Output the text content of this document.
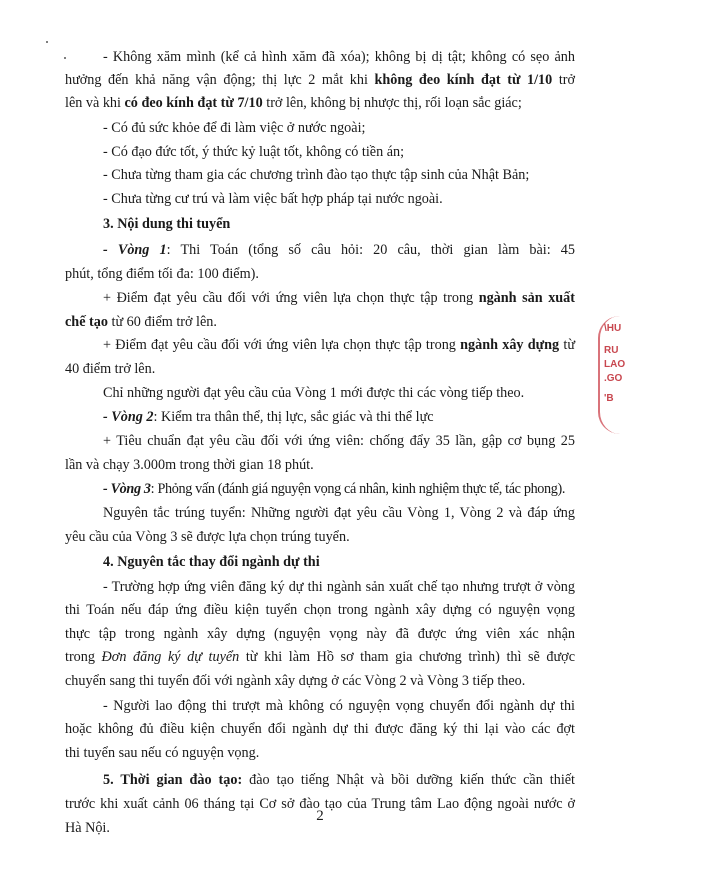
- Không xăm mình (kể cả hình xăm đã xóa); không bị dị tật; không có sẹo ảnh

hưởng đến khả năng vận động; thị lực 2 mắt khi không đeo kính đạt từ 1/10 trở

lên và khi có đeo kính đạt từ 7/10 trở lên, không bị nhược thị, rối loạn sắc giác;

- Có đủ sức khỏe để đi làm việc ở nước ngoài;

- Có đạo đức tốt, ý thức kỷ luật tốt, không có tiền án;

- Chưa từng tham gia các chương trình đào tạo thực tập sinh của Nhật Bản;

- Chưa từng cư trú và làm việc bất hợp pháp tại nước ngoài.

3. Nội dung thi tuyển

- Vòng 1: Thi Toán (tổng số câu hỏi: 20 câu, thời gian làm bài: 45

phút, tổng điểm tối đa: 100 điểm).

+ Điểm đạt yêu cầu đối với ứng viên lựa chọn thực tập trong ngành sản xuất

chế tạo từ 60 điểm trở lên.

+ Điểm đạt yêu cầu đối với ứng viên lựa chọn thực tập trong ngành xây dựng từ

40 điểm trở lên.

Chỉ những người đạt yêu cầu của Vòng 1 mới được thi các vòng tiếp theo.

- Vòng 2: Kiểm tra thân thể, thị lực, sắc giác và thi thể lực

+ Tiêu chuẩn đạt yêu cầu đối với ứng viên: chống đẩy 35 lần, gập cơ bụng 25

lần và chạy 3.000m trong thời gian 18 phút.

- Vòng 3: Phỏng vấn (đánh giá nguyện vọng cá nhân, kinh nghiệm thực tế, tác phong).

Nguyên tắc trúng tuyển: Những người đạt yêu cầu Vòng 1, Vòng 2 và đáp ứng

yêu cầu của Vòng 3 sẽ được lựa chọn trúng tuyển.

4. Nguyên tắc thay đổi ngành dự thi

- Trường hợp ứng viên đăng ký dự thi ngành sản xuất chế tạo nhưng trượt ở vòng

thi Toán nếu đáp ứng điều kiện tuyển chọn trong ngành xây dựng có nguyện vọng

thực tập trong ngành xây dựng (nguyện vọng này đã được ứng viên xác nhận

trong Đơn đăng ký dự tuyển từ khi làm Hồ sơ tham gia chương trình) thì sẽ được

chuyển sang thi tuyển đối với ngành xây dựng ở các Vòng 2 và Vòng 3 tiếp theo.

- Người lao động thi trượt mà không có nguyện vọng chuyển đổi ngành dự thi

hoặc không đủ điều kiện chuyển đổi ngành dự thi được đăng ký thi lại vào các đợt

thi tuyển sau nếu có nguyện vọng.

5. Thời gian đào tạo: đào tạo tiếng Nhật và bồi dưỡng kiến thức cần thiết

trước khi xuất cảnh 06 tháng tại Cơ sở đào tạo của Trung tâm Lao động ngoài nước ở

Hà Nội.

2
\HU
RU
LAO
.GO
'B
